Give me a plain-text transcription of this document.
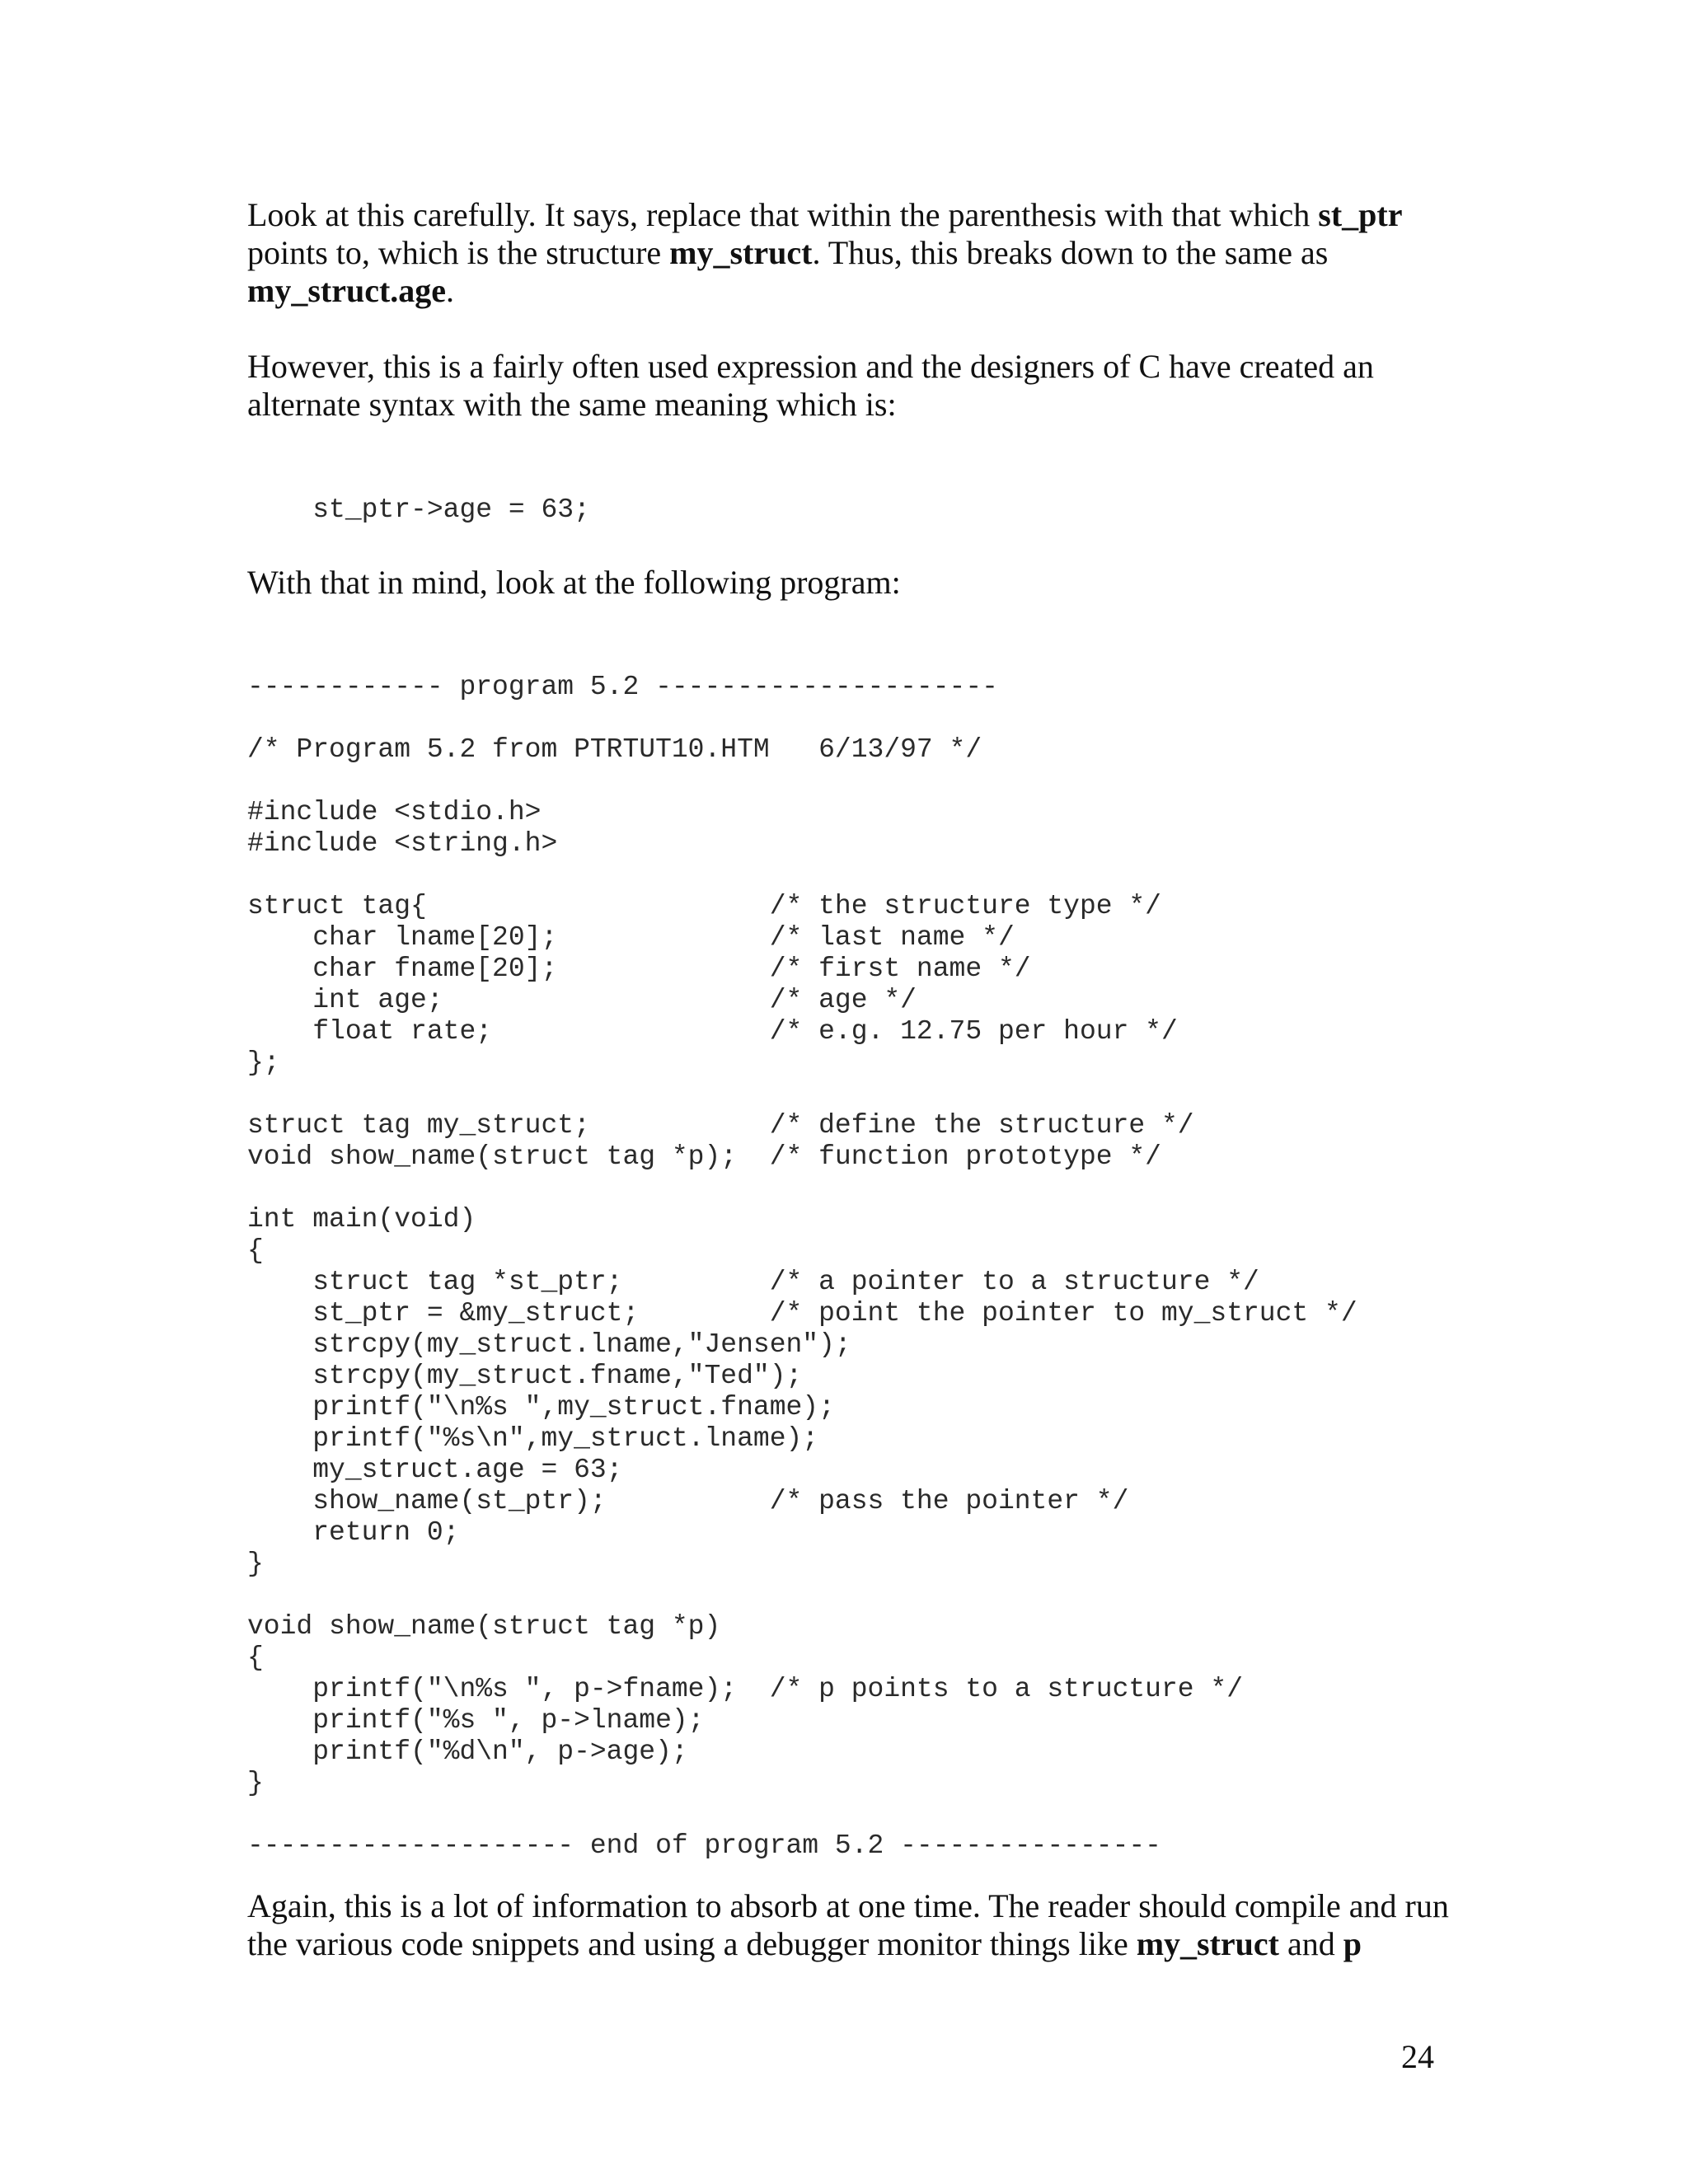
Look at this carefully. It says, replace that within the parenthesis with that which st_ptr points to, which is the structure my_struct. Thus, this breaks down to the same as my_struct.age.

However, this is a fairly often used expression and the designers of C have created an alternate syntax with the same meaning which is:

st_ptr->age = 63;

With that in mind, look at the following program:

------------ program 5.2 ---------------------

/* Program 5.2 from PTRTUT10.HTM   6/13/97 */

#include <stdio.h>
#include <string.h>

struct tag{                     /* the structure type */
char lname[20];             /* last name */
char fname[20];             /* first name */
int age;                    /* age */
float rate;                 /* e.g. 12.75 per hour */
};

struct tag my_struct;           /* define the structure */
void show_name(struct tag *p);  /* function prototype */

int main(void)
{
struct tag *st_ptr;         /* a pointer to a structure */
st_ptr = &my_struct;        /* point the pointer to my_struct */
strcpy(my_struct.lname,"Jensen");
strcpy(my_struct.fname,"Ted");
printf("\n%s ",my_struct.fname);
printf("%s\n",my_struct.lname);
my_struct.age = 63;
show_name(st_ptr);          /* pass the pointer */
return 0;
}

void show_name(struct tag *p)
{
printf("\n%s ", p->fname);  /* p points to a structure */
printf("%s ", p->lname);
printf("%d\n", p->age);
}

-------------------- end of program 5.2 ----------------

Again, this is a lot of information to absorb at one time. The reader should compile and run the various code snippets and using a debugger monitor things like my_struct and p

24
